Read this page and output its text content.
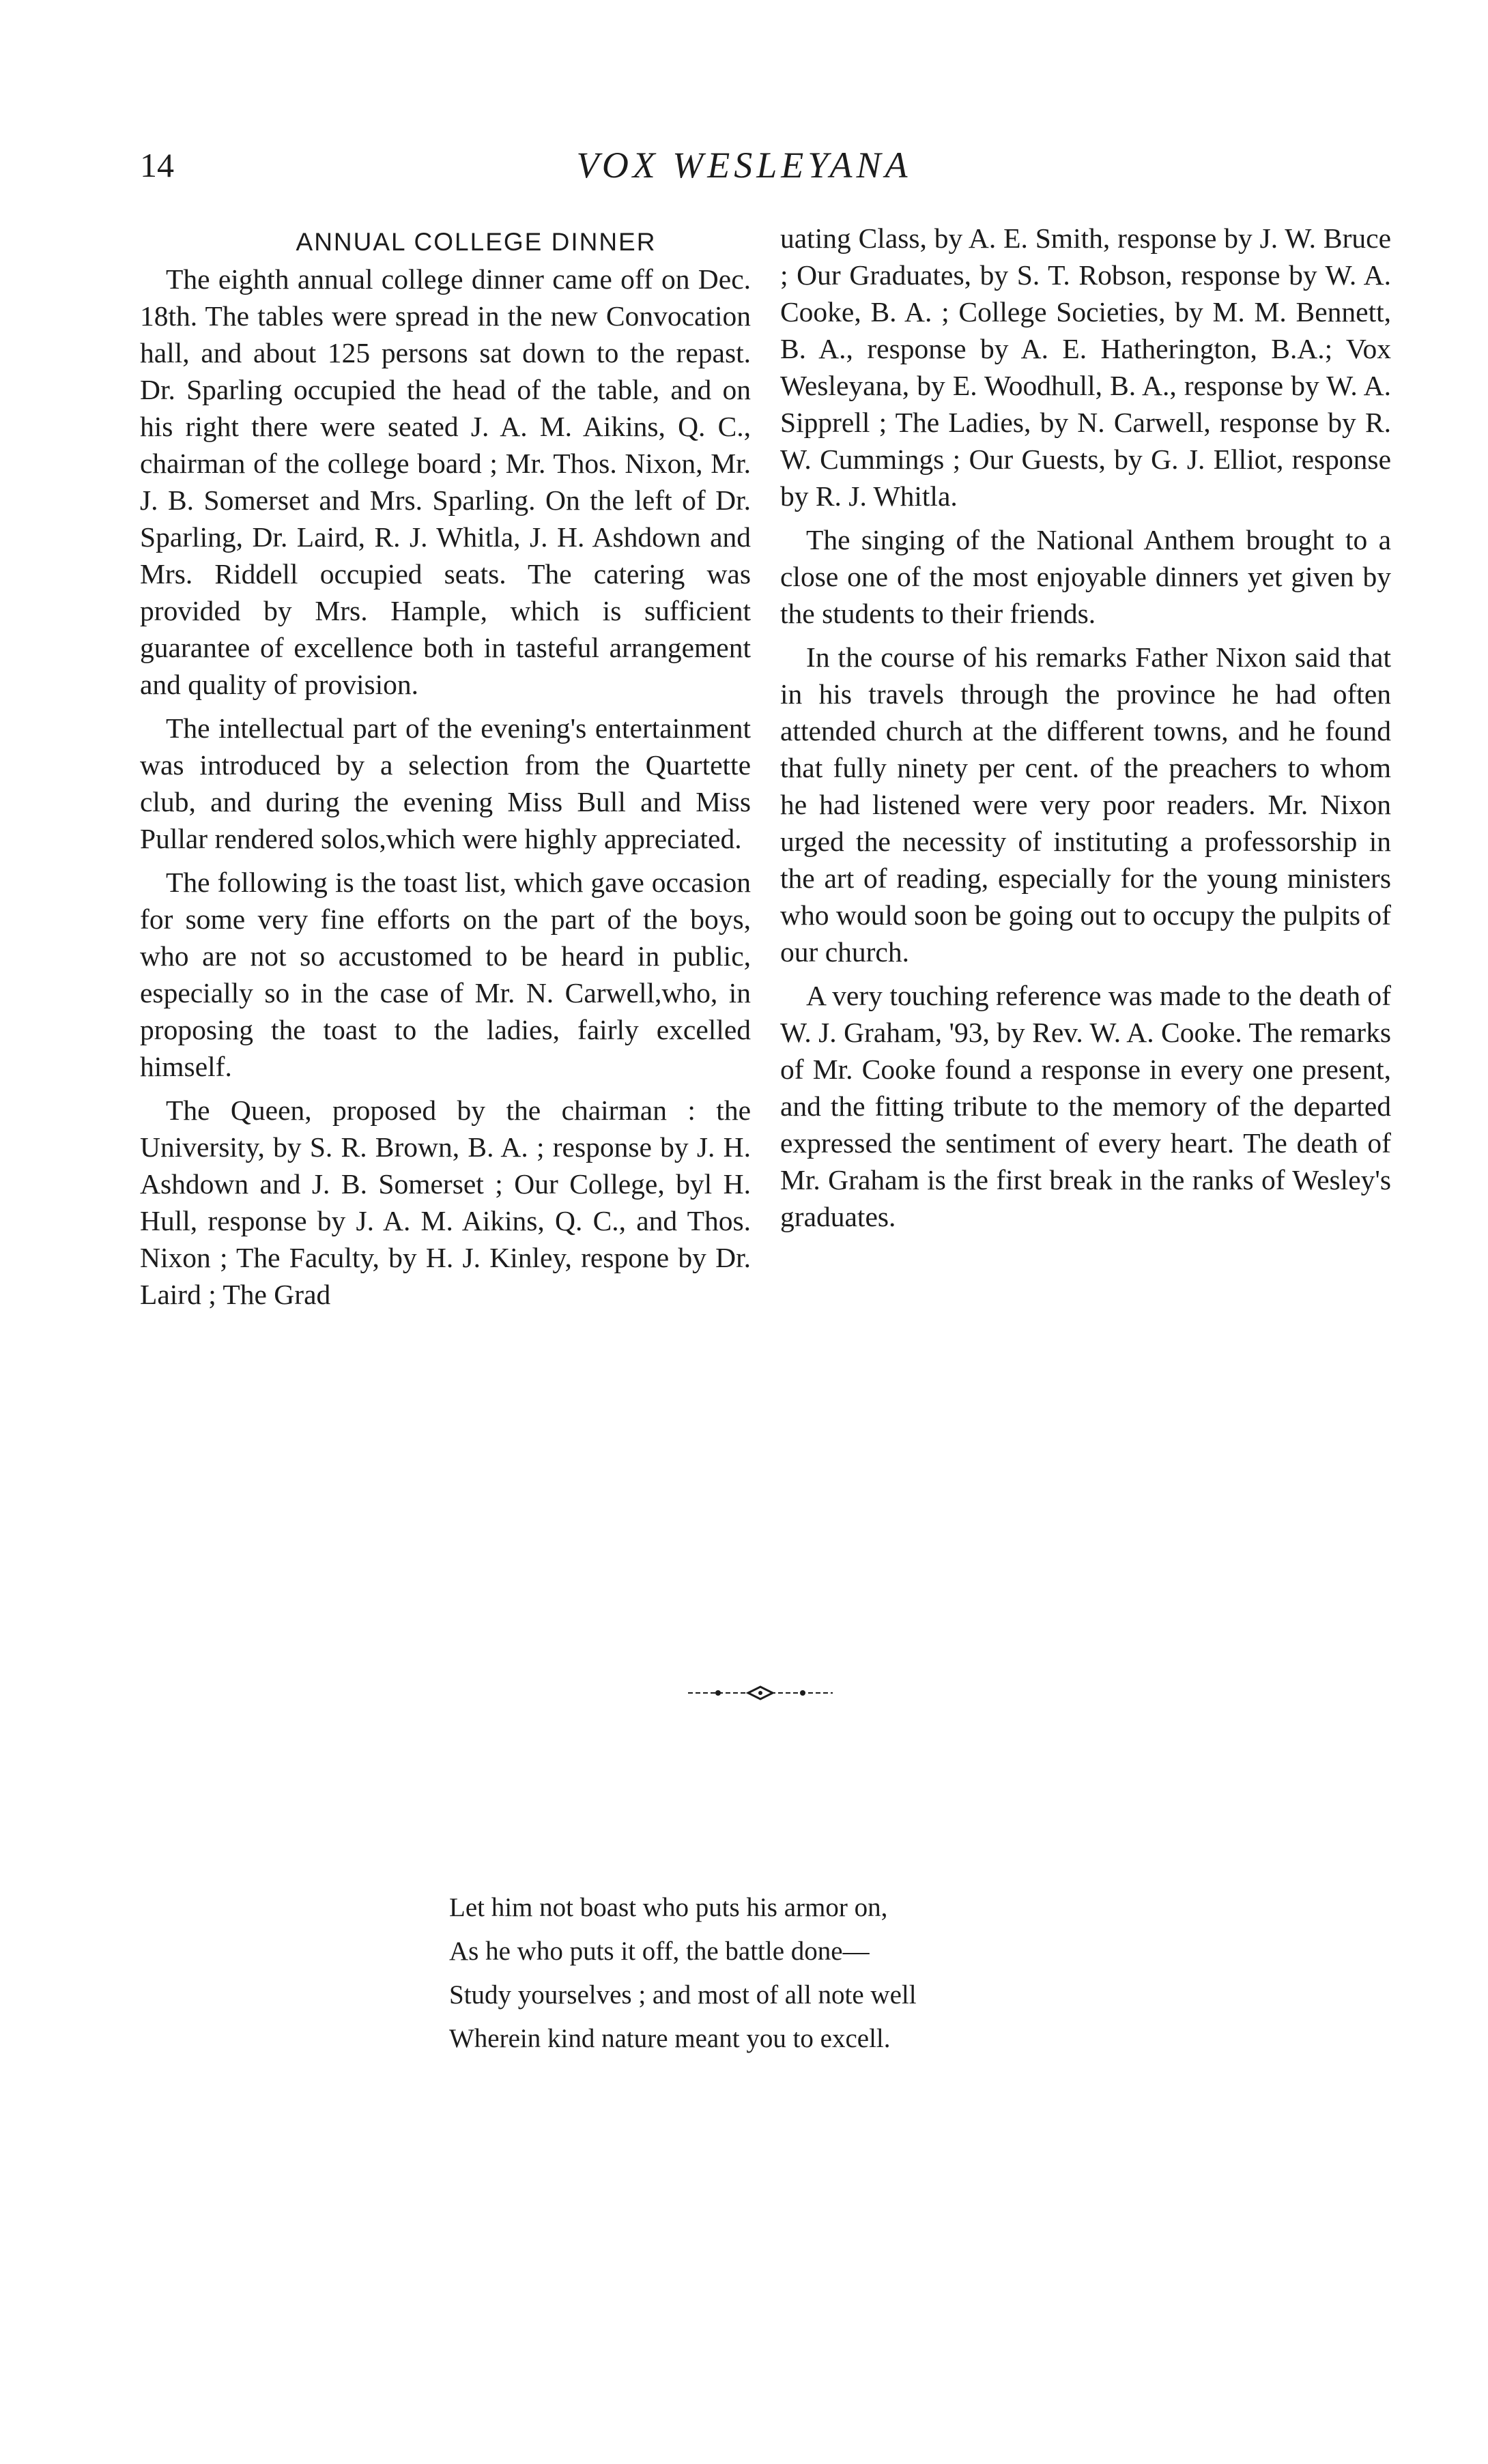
14	VOX WESLEYANA
ANNUAL COLLEGE DINNER

The eighth annual college dinner came off on Dec. 18th. The tables were spread in the new Convocation hall, and about 125 persons sat down to the repast. Dr. Sparling occupied the head of the table, and on his right there were seated J. A. M. Aikins, Q. C., chairman of the college board ; Mr. Thos. Nixon, Mr. J. B. Somerset and Mrs. Sparling. On the left of Dr. Sparling, Dr. Laird, R. J. Whitla, J. H. Ashdown and Mrs. Riddell occupied seats. The catering was provided by Mrs. Hample, which is sufficient guarantee of excellence both in tasteful arrangement and quality of provision.

The intellectual part of the evening's entertainment was introduced by a selection from the Quartette club, and during the evening Miss Bull and Miss Pullar rendered solos,which were highly appreciated.

The following is the toast list, which gave occasion for some very fine efforts on the part of the boys, who are not so accustomed to be heard in public, especially so in the case of Mr. N. Carwell,who, in proposing the toast to the ladies, fairly excelled himself.

The Queen, proposed by the chairman : the University, by S. R. Brown, B. A. ; response by J. H. Ashdown and J. B. Somerset ; Our College, byl H. Hull, response by J. A. M. Aikins, Q. C., and Thos. Nixon ; The Faculty, by H. J. Kinley, respone by Dr. Laird ; The Grad

uating Class, by A. E. Smith, response by J. W. Bruce ; Our Graduates, by S. T. Robson, response by W. A. Cooke, B. A. ; College Societies, by M. M. Bennett, B. A., response by A. E. Hatherington, B.A.; Vox Wesleyana, by E. Woodhull, B. A., response by W. A. Sipprell ; The Ladies, by N. Carwell, response by R. W. Cummings ; Our Guests, by G. J. Elliot, response by R. J. Whitla.

The singing of the National Anthem brought to a close one of the most enjoyable dinners yet given by the students to their friends.

In the course of his remarks Father Nixon said that in his travels through the province he had often attended church at the different towns, and he found that fully ninety per cent. of the preachers to whom he had listened were very poor readers. Mr. Nixon urged the necessity of instituting a professorship in the art of reading, especially for the young ministers who would soon be going out to occupy the pulpits of our church.

A very touching reference was made to the death of W. J. Graham, '93, by Rev. W. A. Cooke. The remarks of Mr. Cooke found a response in every one present, and the fitting tribute to the memory of the departed expressed the sentiment of every heart. The death of Mr. Graham is the first break in the ranks of Wesley's graduates.

Let him not boast who puts his armor on,
As he who puts it off, the battle done—
Study yourselves ; and most of all note well
Wherein kind nature meant you to excell.
